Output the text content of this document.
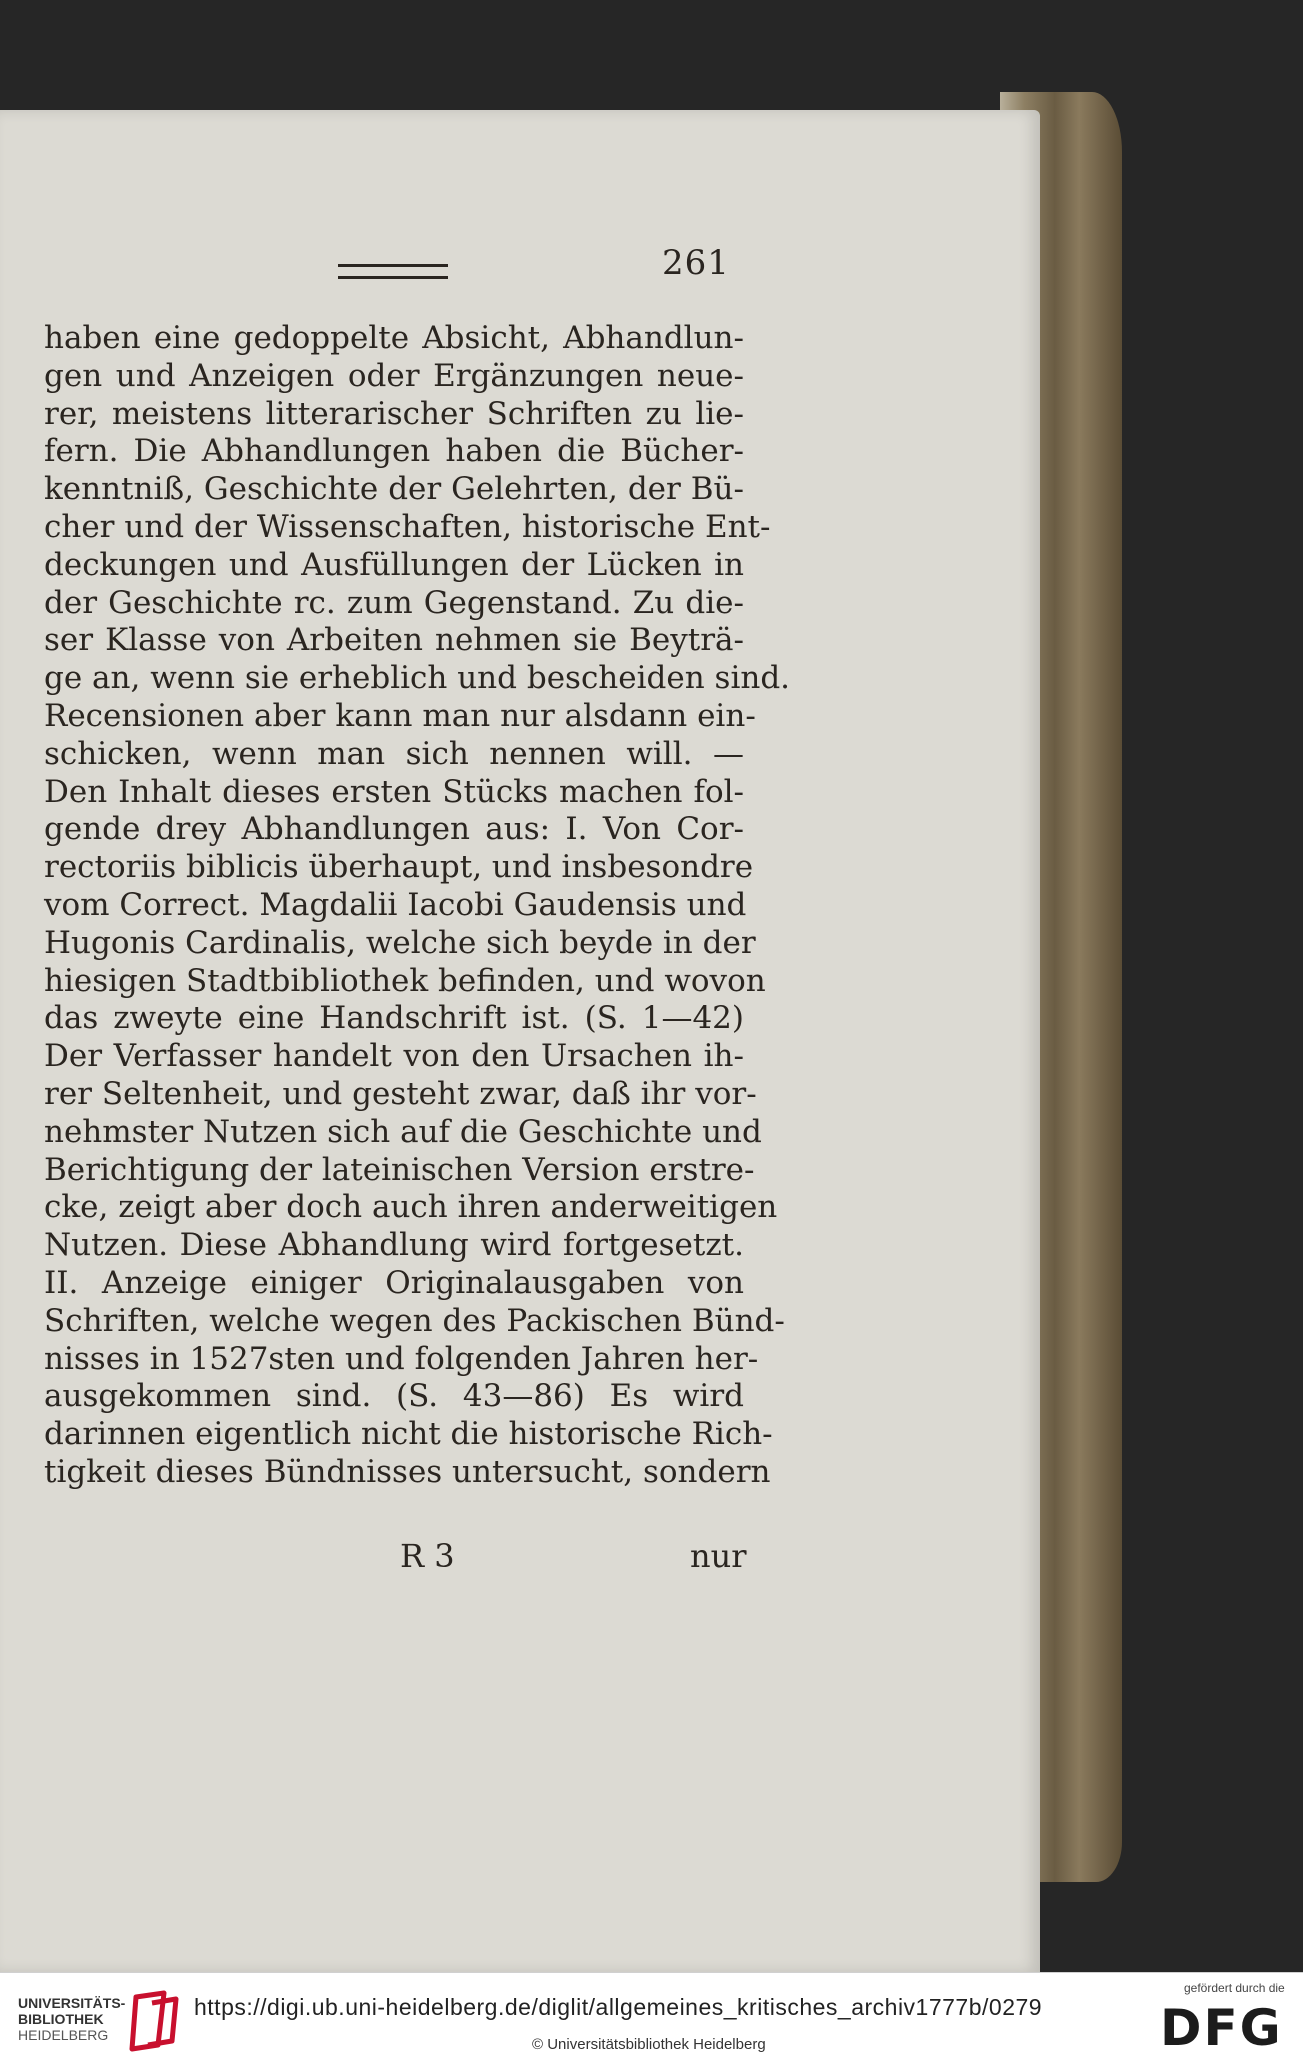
261
haben eine gedoppelte Absicht, Abhandlun-
gen und Anzeigen oder Ergänzungen neue-
rer, meistens litterarischer Schriften zu lie-
fern. Die Abhandlungen haben die Bücher-
kenntniß, Geschichte der Gelehrten, der Bü-
cher und der Wissenschaften, historische Ent-
deckungen und Ausfüllungen der Lücken in
der Geschichte rc. zum Gegenstand. Zu die-
ser Klasse von Arbeiten nehmen sie Beyträ-
ge an, wenn sie erheblich und bescheiden sind.
Recensionen aber kann man nur alsdann ein-
schicken, wenn man sich nennen will. —
Den Inhalt dieses ersten Stücks machen fol-
gende drey Abhandlungen aus: I. Von Cor-
rectoriis biblicis überhaupt, und insbesondre
vom Correct. Magdalii Iacobi Gaudensis und
Hugonis Cardinalis, welche sich beyde in der
hiesigen Stadtbibliothek befinden, und wovon
das zweyte eine Handschrift ist. (S. 1—42)
Der Verfasser handelt von den Ursachen ih-
rer Seltenheit, und gesteht zwar, daß ihr vor-
nehmster Nutzen sich auf die Geschichte und
Berichtigung der lateinischen Version erstre-
cke, zeigt aber doch auch ihren anderweitigen
Nutzen. Diese Abhandlung wird fortgesetzt.
II. Anzeige einiger Originalausgaben von
Schriften, welche wegen des Packischen Bünd-
nisses in 1527sten und folgenden Jahren her-
ausgekommen sind. (S. 43—86) Es wird
darinnen eigentlich nicht die historische Rich-
tigkeit dieses Bündnisses untersucht, sondern
R 3	nur
UNIVERSITÄTS-
BIBLIOTHEK
HEIDELBERG
https://digi.ub.uni-heidelberg.de/diglit/allgemeines_kritisches_archiv1777b/0279
© Universitätsbibliothek Heidelberg
gefördert durch die
DFG
